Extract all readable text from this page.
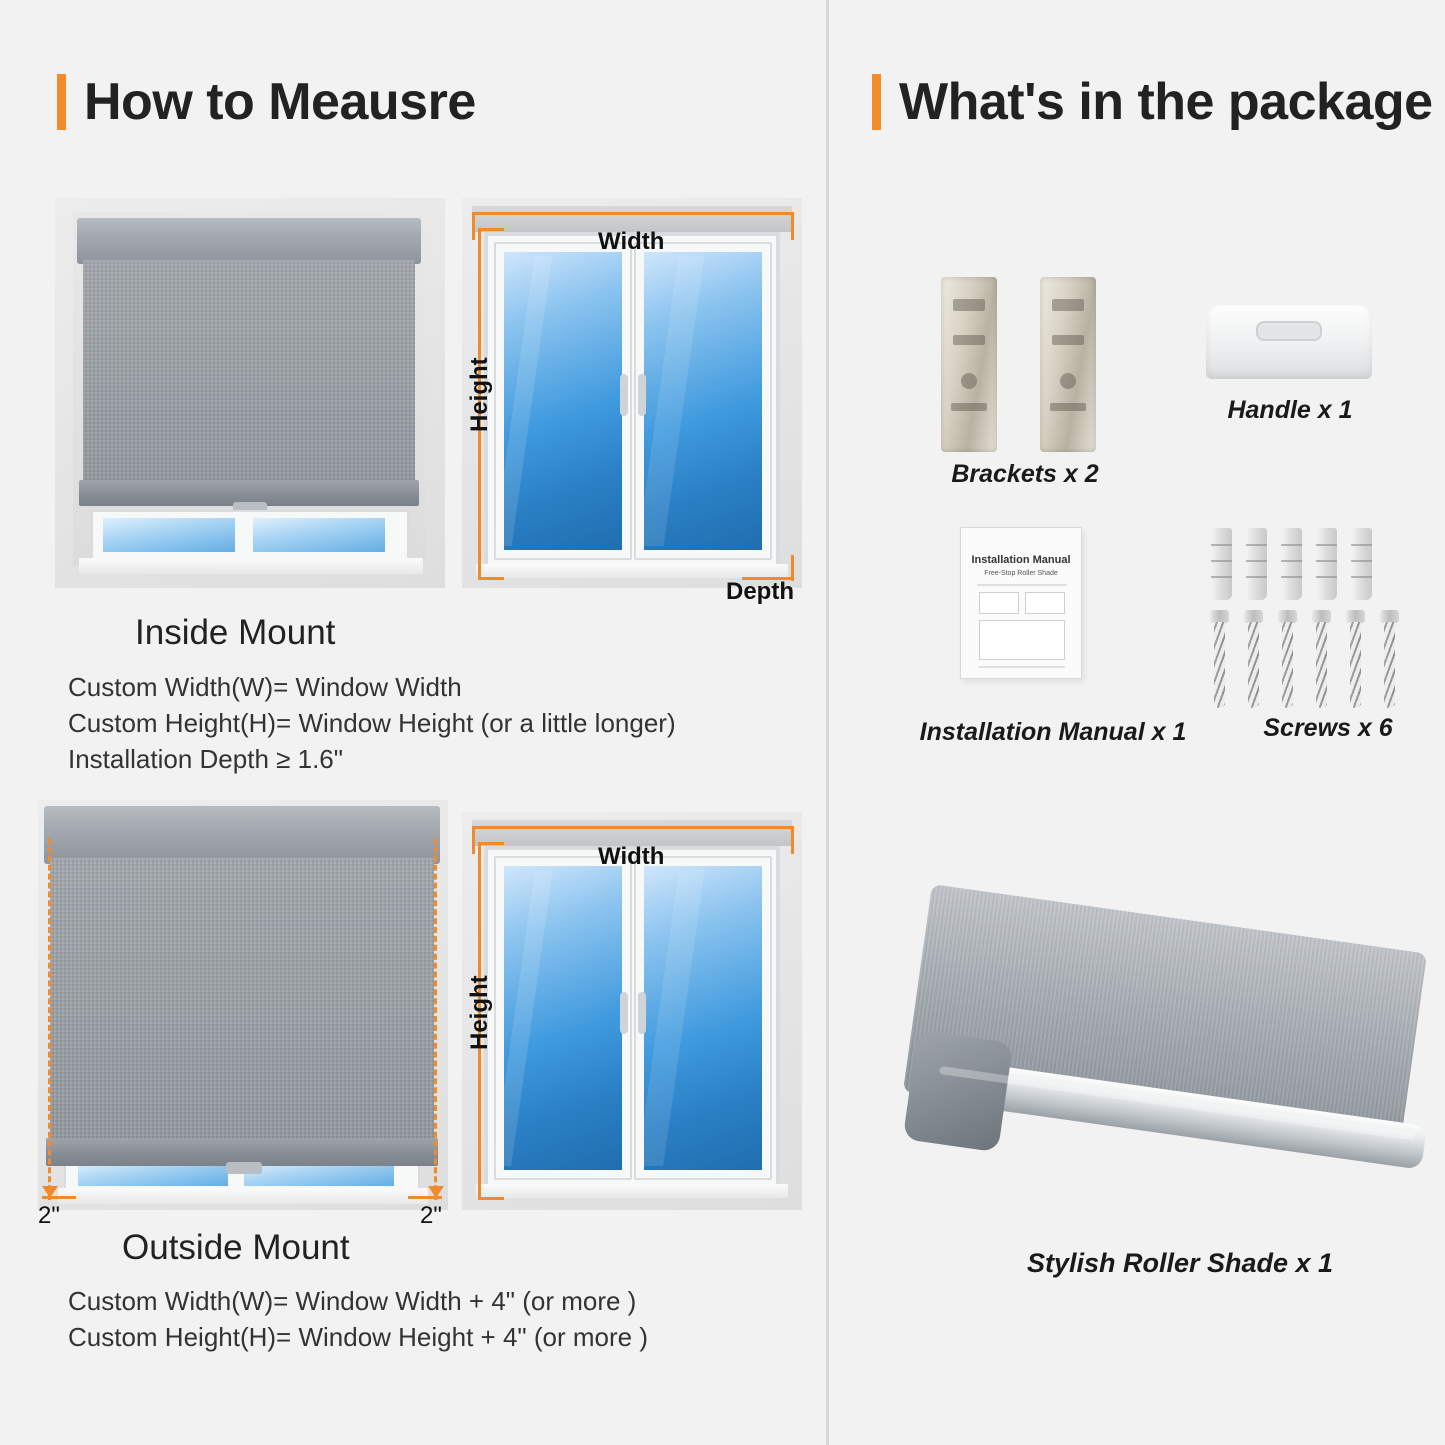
How to Meausre	What's in the package
Width
Height
Depth
Inside Mount
Custom Width(W)= Window Width
Custom Height(H)= Window Height (or a little longer)
Installation Depth ≥ 1.6"
2"	2"
Width
Height
Outside Mount
Custom Width(W)= Window Width + 4" (or more )
Custom Height(H)= Window Height + 4" (or more )
Brackets x 2
Handle x 1
Installation Manual
Free-Stop Roller Shade
Installation Manual x 1	Screws x 6
Stylish Roller Shade x 1
